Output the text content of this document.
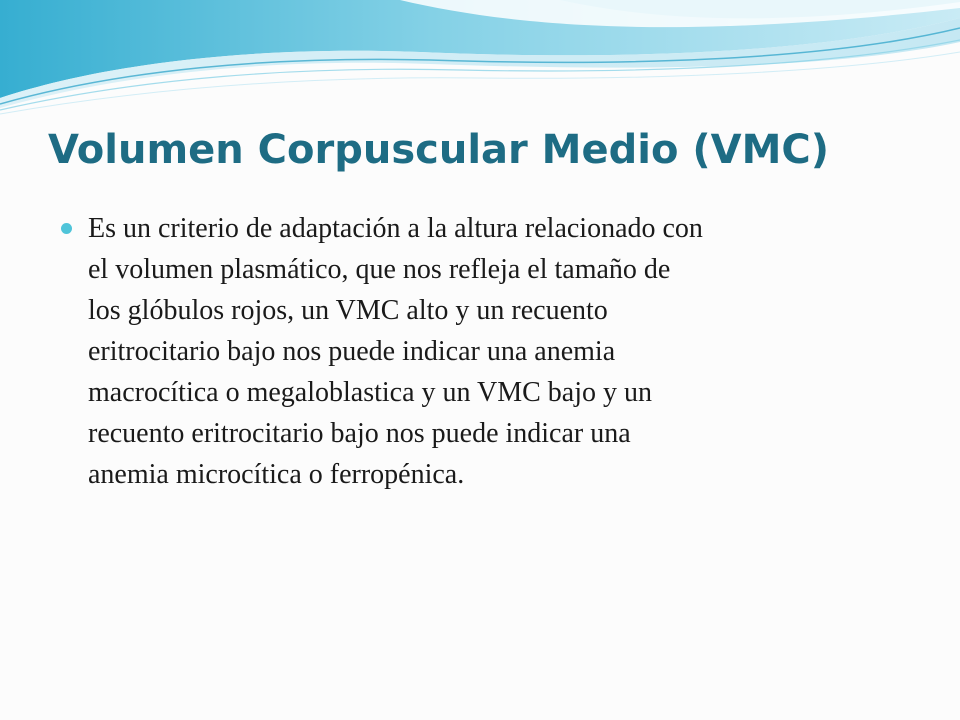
Volumen Corpuscular Medio (VMC)
Es un criterio de adaptación a la altura relacionado con
el volumen plasmático, que nos refleja el tamaño de
los glóbulos rojos, un VMC alto y un recuento
eritrocitario bajo nos puede indicar una anemia
macrocítica o megaloblastica y un VMC bajo y un
recuento eritrocitario bajo nos puede indicar una
anemia microcítica o ferropénica.
